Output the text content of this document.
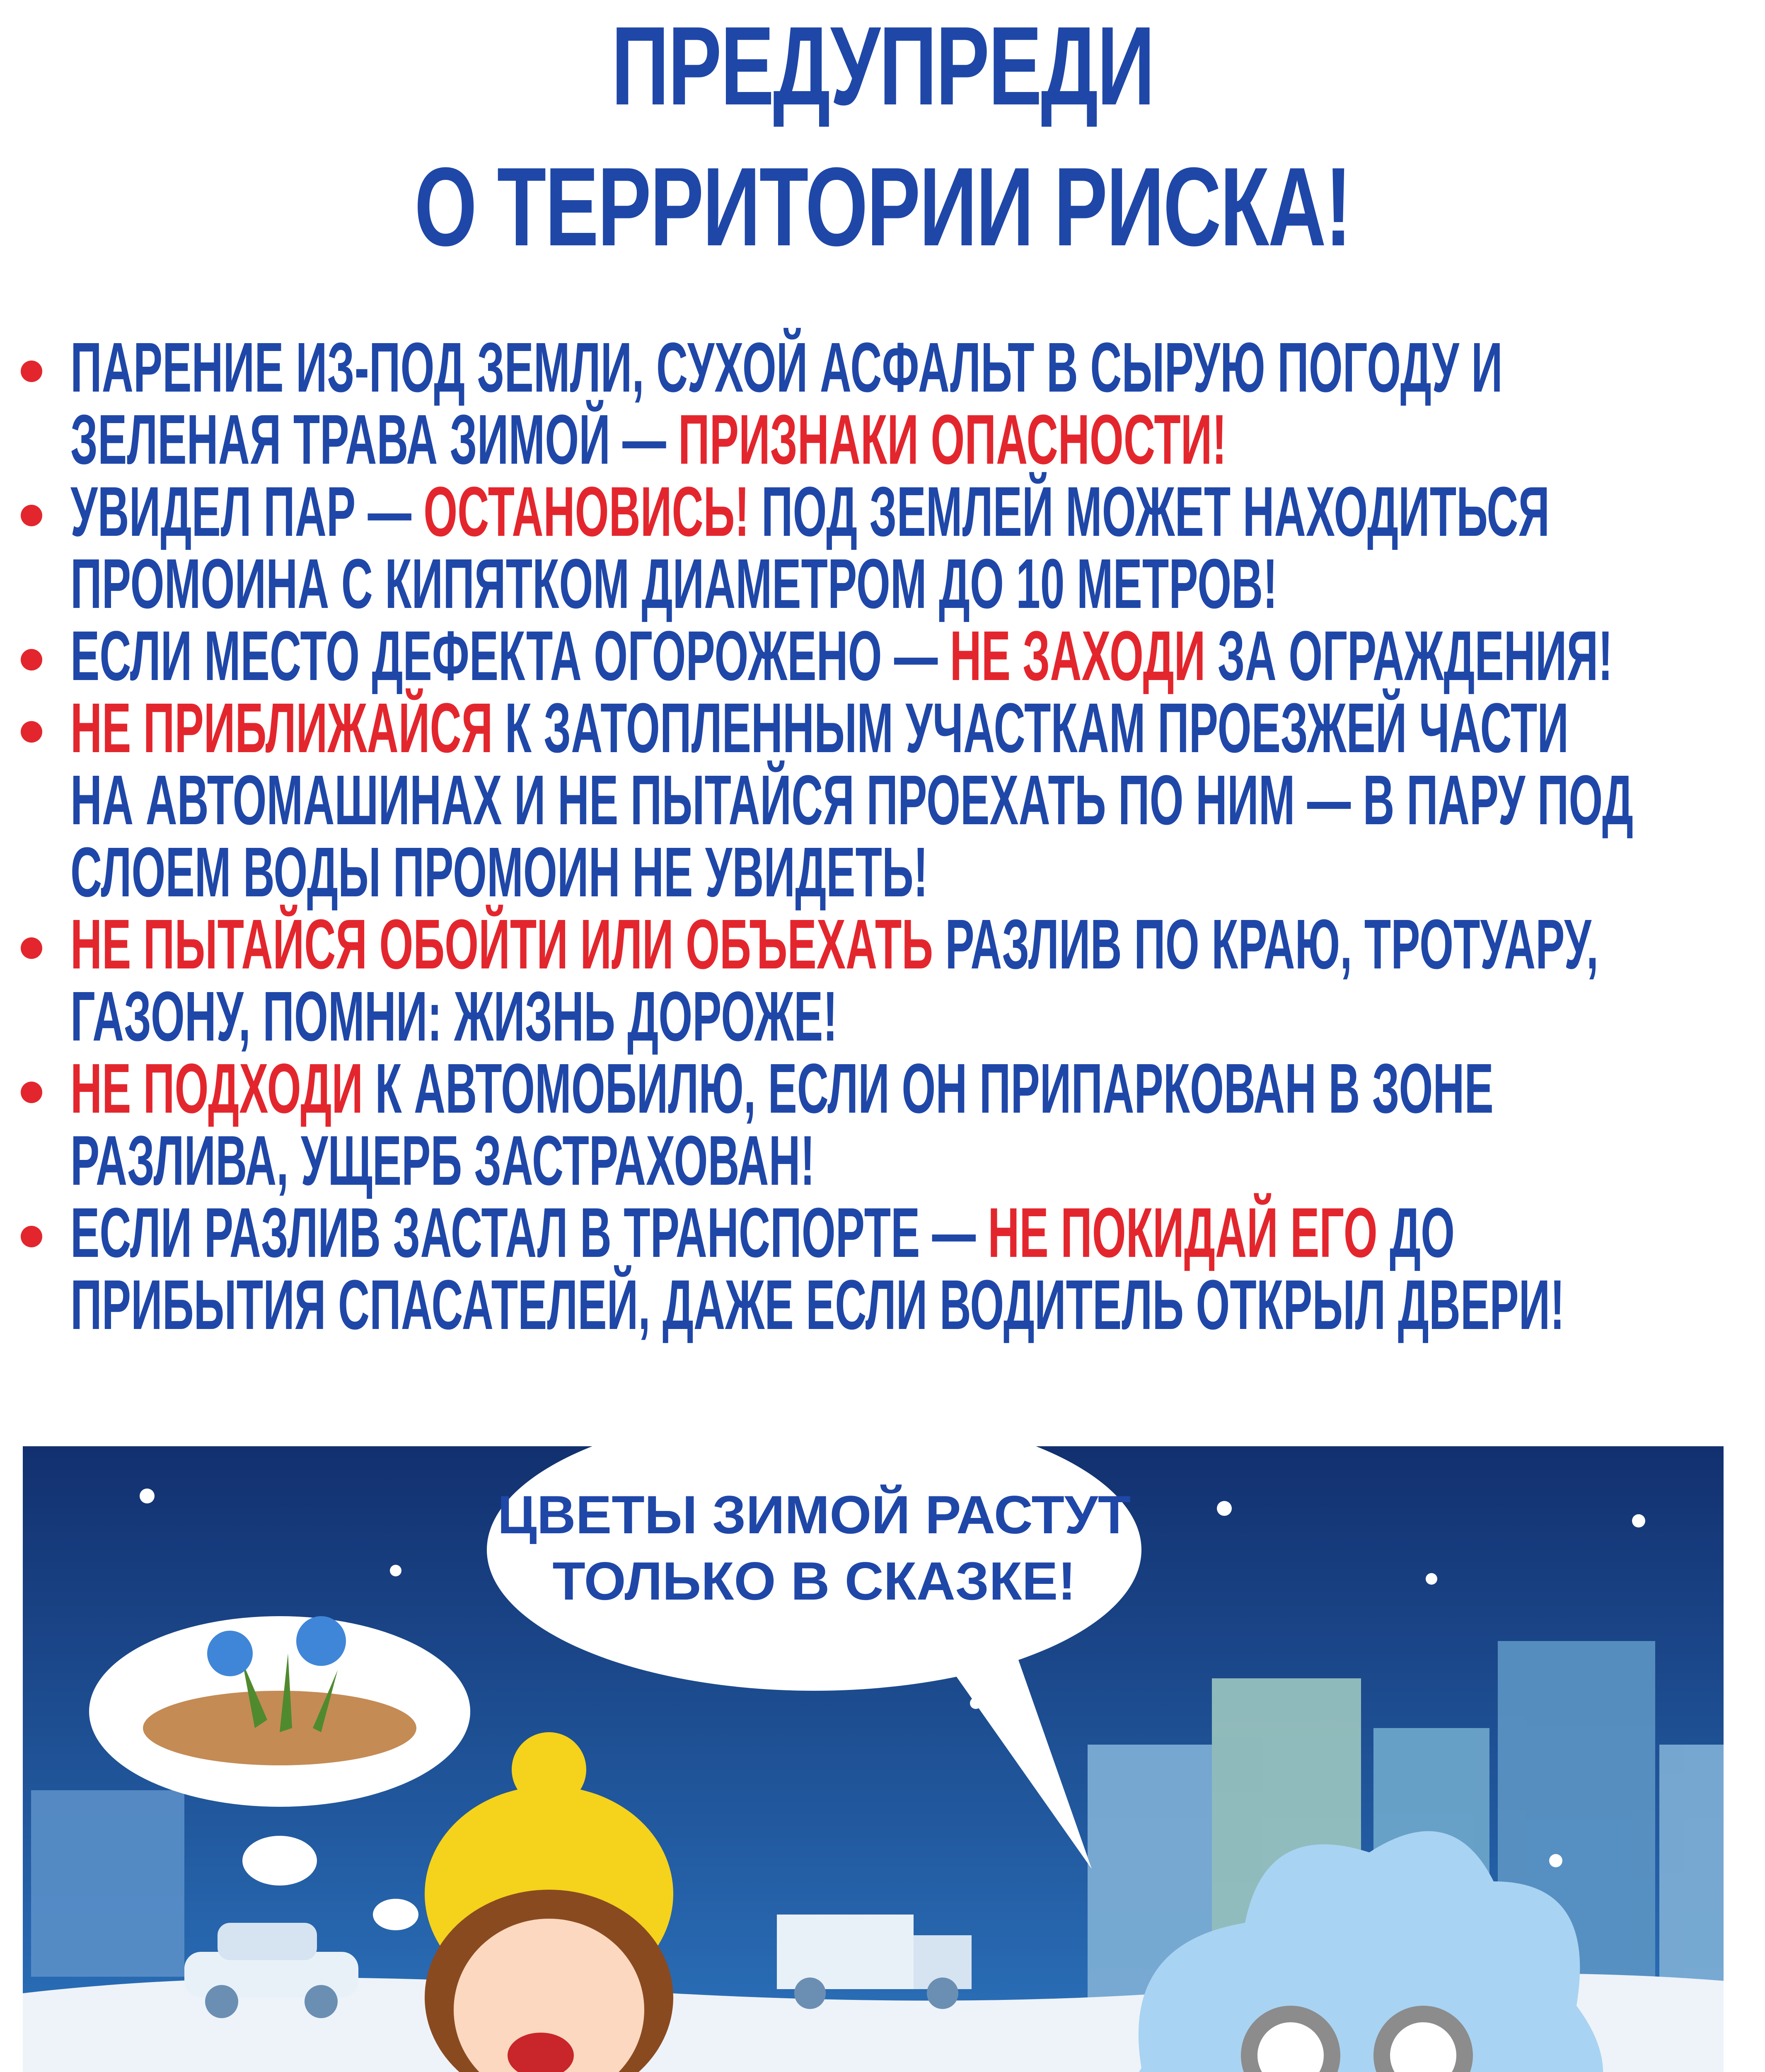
ПРЕДУПРЕДИ
О ТЕРРИТОРИИ РИСКА!
ПАРЕНИЕ ИЗ-ПОД ЗЕМЛИ, СУХОЙ АСФАЛЬТ В СЫРУЮ ПОГОДУ И
ЗЕЛЕНАЯ ТРАВА ЗИМОЙ — ПРИЗНАКИ ОПАСНОСТИ!
УВИДЕЛ ПАР — ОСТАНОВИСЬ! ПОД ЗЕМЛЕЙ МОЖЕТ НАХОДИТЬСЯ
ПРОМОИНА С КИПЯТКОМ ДИАМЕТРОМ ДО 10 МЕТРОВ!
ЕСЛИ МЕСТО ДЕФЕКТА ОГОРОЖЕНО — НЕ ЗАХОДИ ЗА ОГРАЖДЕНИЯ!
НЕ ПРИБЛИЖАЙСЯ К ЗАТОПЛЕННЫМ УЧАСТКАМ ПРОЕЗЖЕЙ ЧАСТИ
НА АВТОМАШИНАХ И НЕ ПЫТАЙСЯ ПРОЕХАТЬ ПО НИМ — В ПАРУ ПОД
СЛОЕМ ВОДЫ ПРОМОИН НЕ УВИДЕТЬ!
НЕ ПЫТАЙСЯ ОБОЙТИ ИЛИ ОБЪЕХАТЬ РАЗЛИВ ПО КРАЮ, ТРОТУАРУ,
ГАЗОНУ, ПОМНИ: ЖИЗНЬ ДОРОЖЕ!
НЕ ПОДХОДИ К АВТОМОБИЛЮ, ЕСЛИ ОН ПРИПАРКОВАН В ЗОНЕ
РАЗЛИВА, УЩЕРБ ЗАСТРАХОВАН!
ЕСЛИ РАЗЛИВ ЗАСТАЛ В ТРАНСПОРТЕ — НЕ ПОКИДАЙ ЕГО ДО
ПРИБЫТИЯ СПАСАТЕЛЕЙ, ДАЖЕ ЕСЛИ ВОДИТЕЛЬ ОТКРЫЛ ДВЕРИ!
ЦВЕТЫ ЗИМОЙ РАСТУТ
ТОЛЬКО В СКАЗКЕ!
